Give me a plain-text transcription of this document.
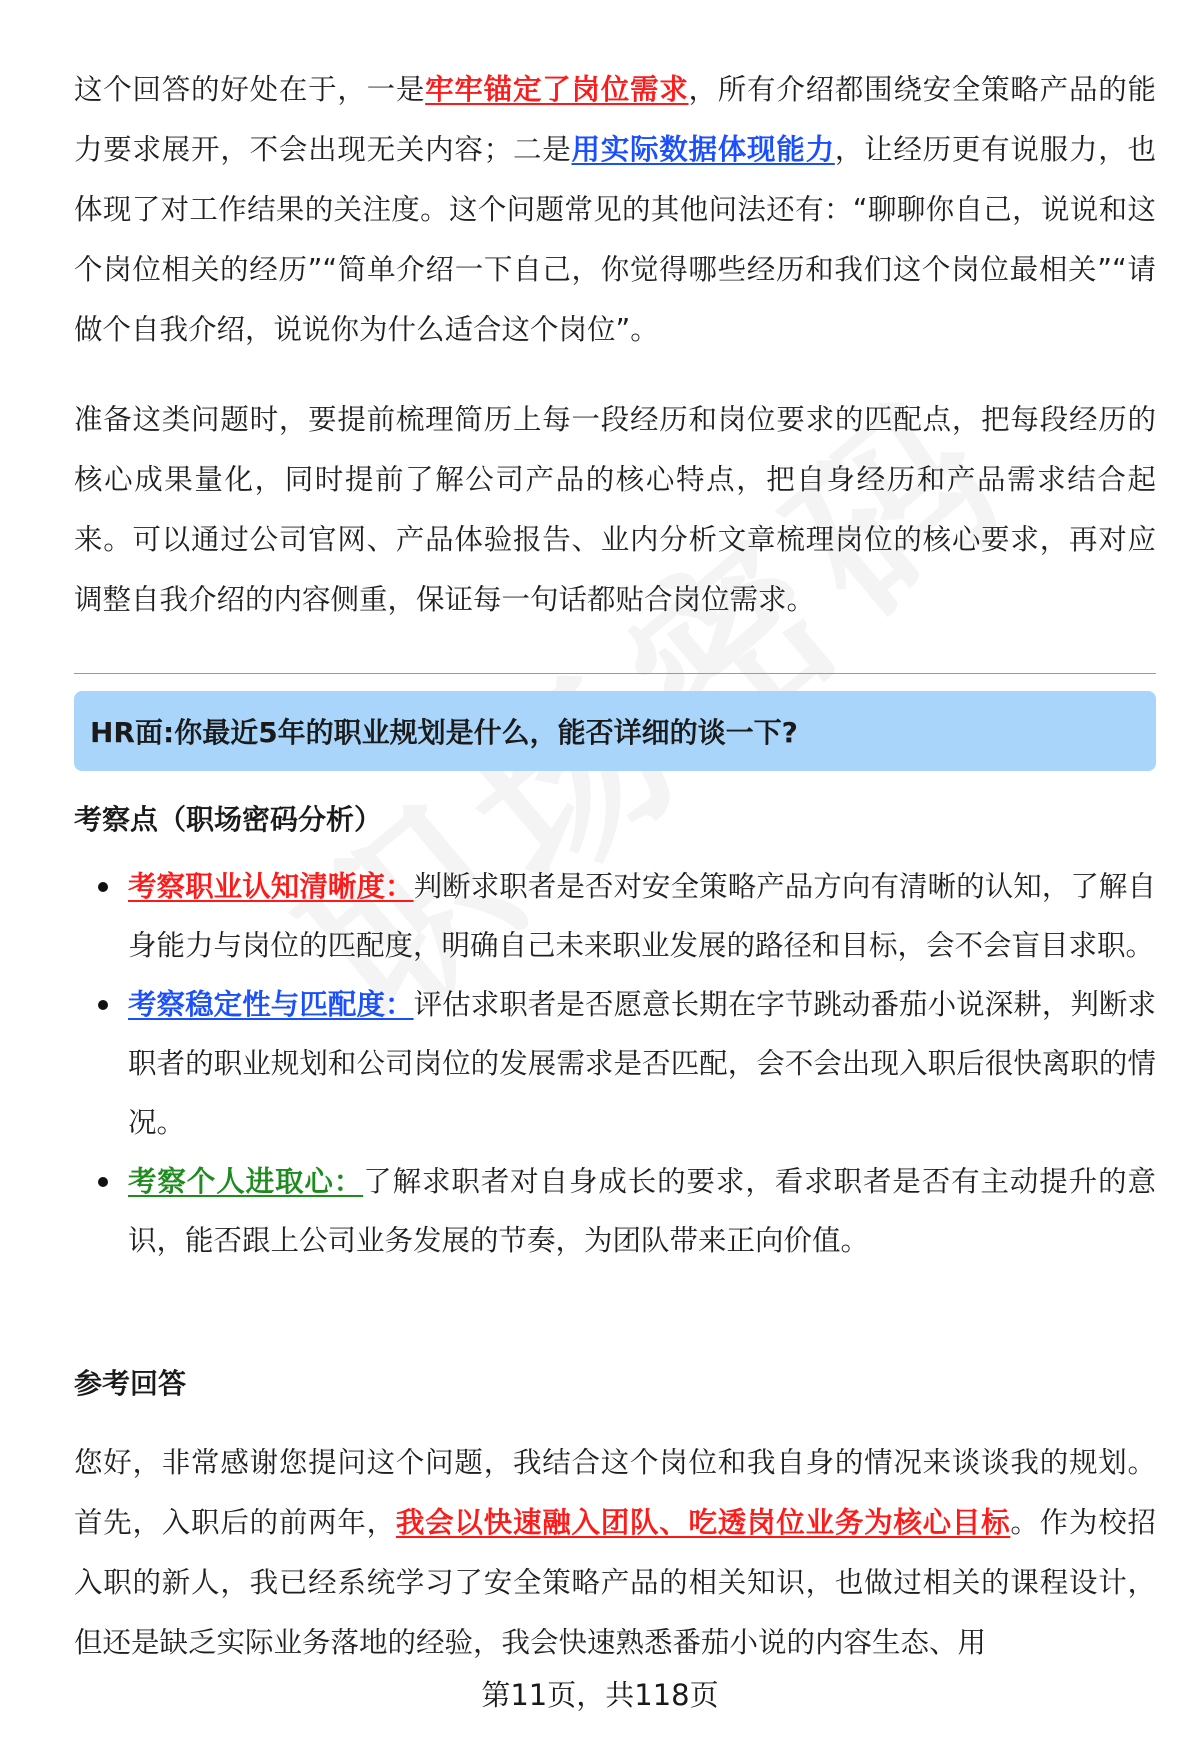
这个回答的好处在于，一是牢牢锚定了岗位需求，所有介绍都围绕安全策略产品的能力要求展开，不会出现无关内容；二是用实际数据体现能力，让经历更有说服力，也体现了对工作结果的关注度。这个问题常见的其他问法还有：“聊聊你自己，说说和这个岗位相关的经历”“简单介绍一下自己，你觉得哪些经历和我们这个岗位最相关”“请做个自我介绍，说说你为什么适合这个岗位”。

准备这类问题时，要提前梳理简历上每一段经历和岗位要求的匹配点，把每段经历的核心成果量化，同时提前了解公司产品的核心特点，把自身经历和产品需求结合起来。可以通过公司官网、产品体验报告、业内分析文章梳理岗位的核心要求，再对应调整自我介绍的内容侧重，保证每一句话都贴合岗位需求。

HR面:你最近5年的职业规划是什么，能否详细的谈一下?
考察点（职场密码分析）
考察职业认知清晰度：判断求职者是否对安全策略产品方向有清晰的认知，了解自身能力与岗位的匹配度，明确自己未来职业发展的路径和目标，会不会盲目求职。
考察稳定性与匹配度：评估求职者是否愿意长期在字节跳动番茄小说深耕，判断求职者的职业规划和公司岗位的发展需求是否匹配，会不会出现入职后很快离职的情况。
考察个人进取心：了解求职者对自身成长的要求，看求职者是否有主动提升的意识，能否跟上公司业务发展的节奏，为团队带来正向价值。
参考回答

您好，非常感谢您提问这个问题，我结合这个岗位和我自身的情况来谈谈我的规划。首先，入职后的前两年，我会以快速融入团队、吃透岗位业务为核心目标。作为校招入职的新人，我已经系统学习了安全策略产品的相关知识，也做过相关的课程设计，但还是缺乏实际业务落地的经验，我会快速熟悉番茄小说的内容生态、用

第11页，共118页
